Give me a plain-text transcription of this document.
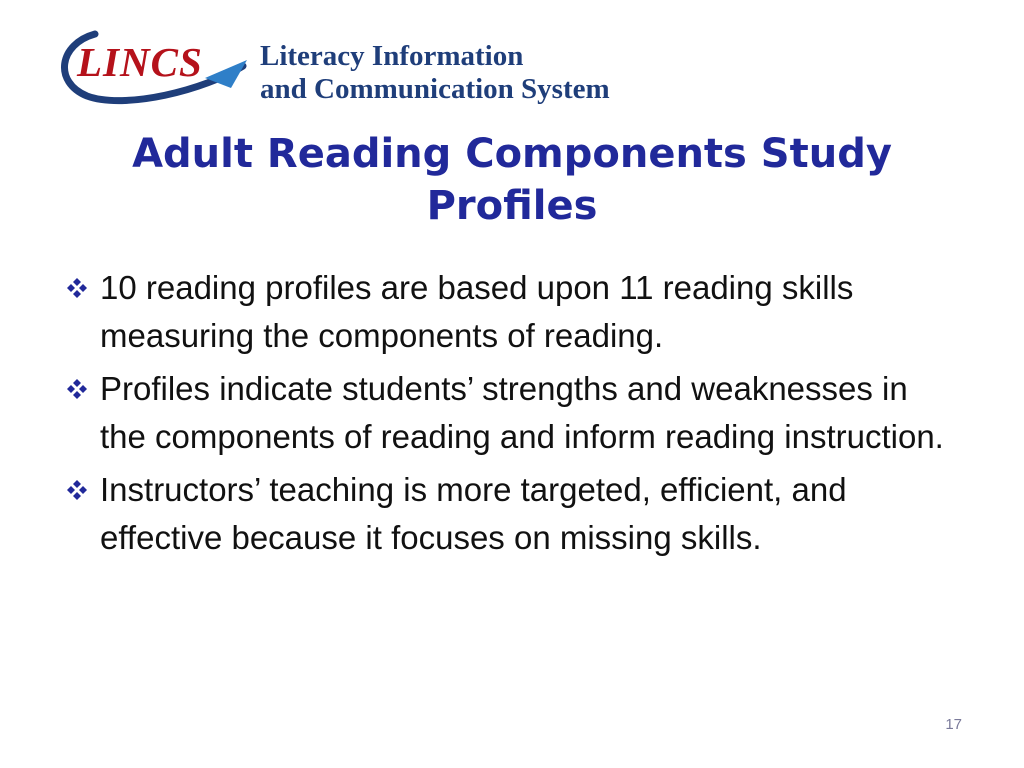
LINCS Literacy Information
and Communication System
Adult Reading Components Study Profiles
10 reading profiles are based upon 11 reading skills measuring the components of reading.
Profiles indicate students’ strengths and weaknesses in the components of reading and inform reading instruction.
Instructors’ teaching is more targeted, efficient, and effective because it focuses on missing skills.
17
